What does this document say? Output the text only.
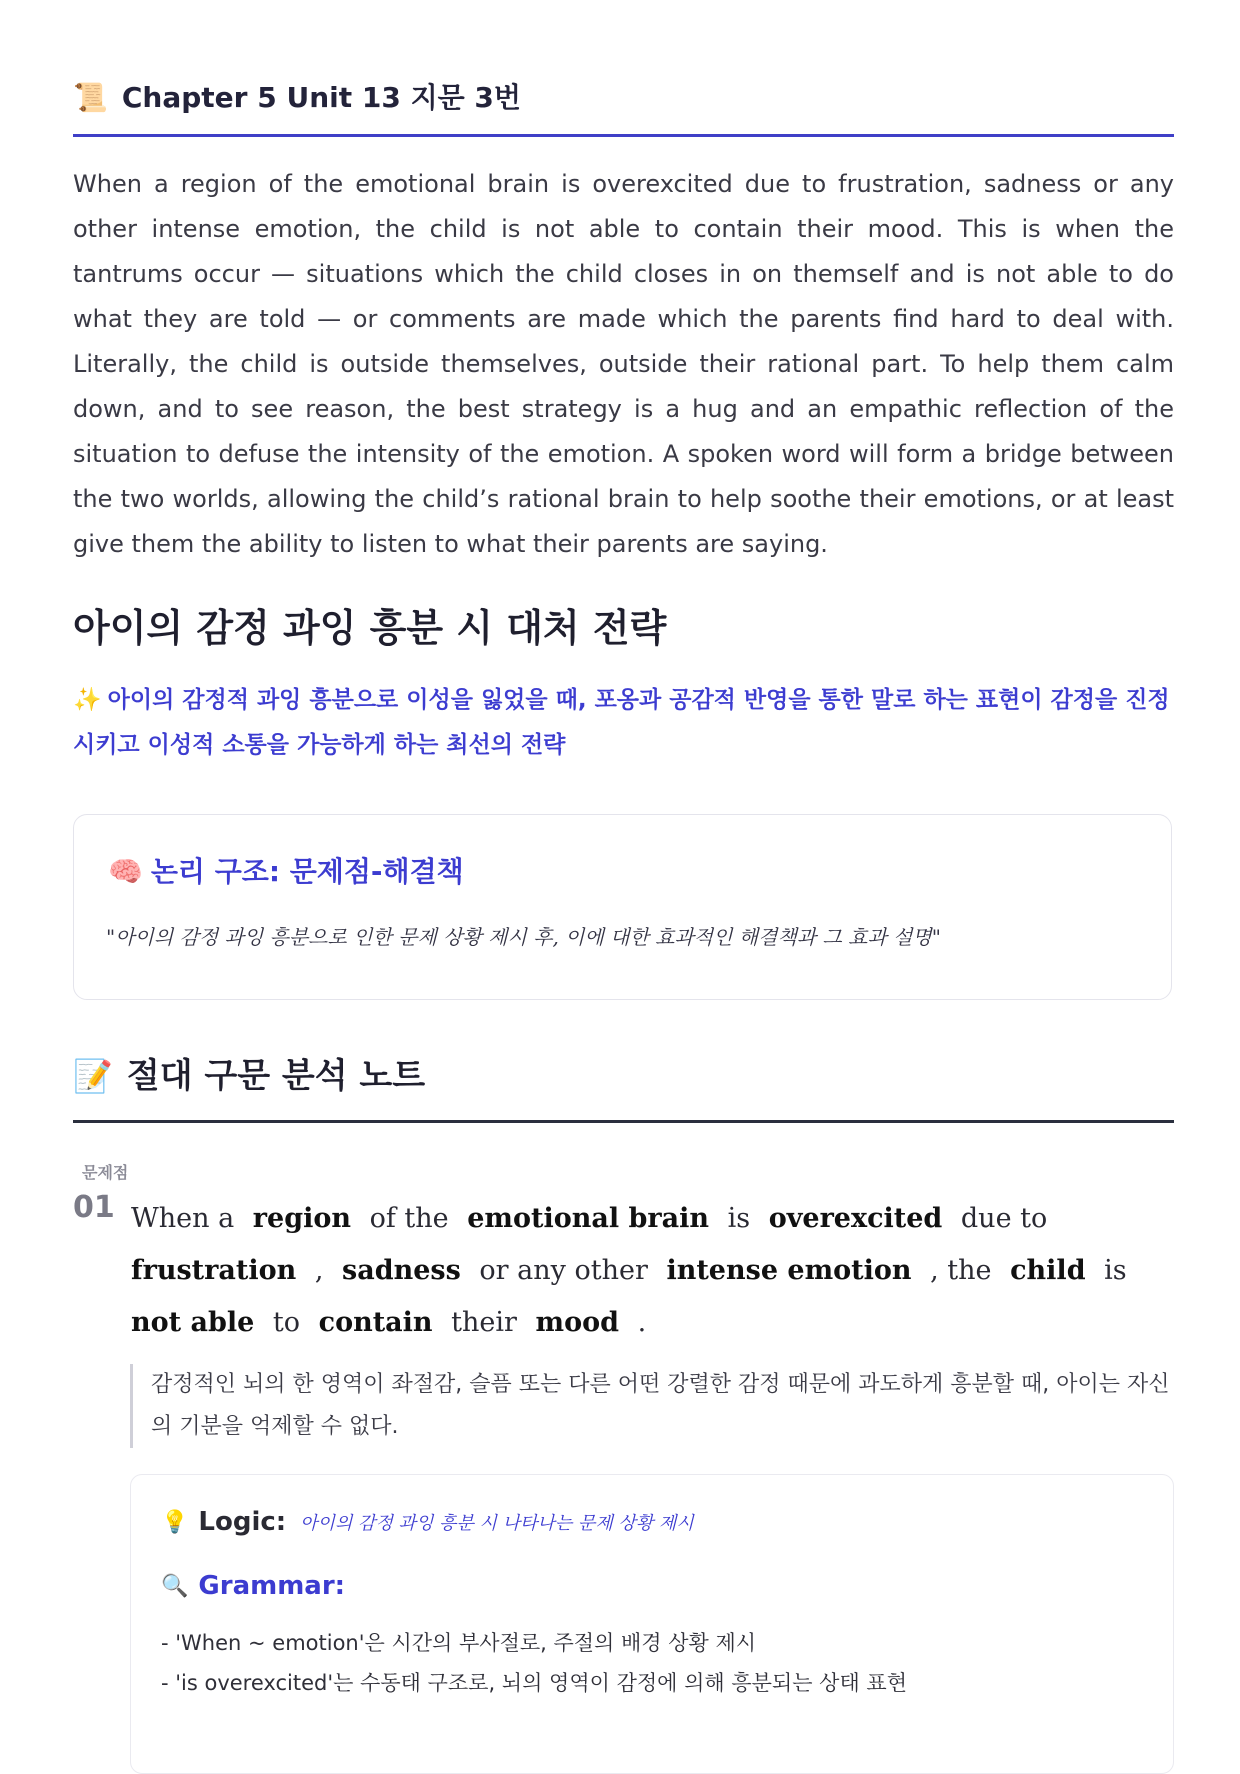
📜 Chapter 5 Unit 13 지문 3번

When a region of the emotional brain is overexcited due to frustration, sadness or any other intense emotion, the child is not able to contain their mood. This is when the tantrums occur — situations which the child closes in on themself and is not able to do what they are told — or comments are made which the parents find hard to deal with. Literally, the child is outside themselves, outside their rational part. To help them calm down, and to see reason, the best strategy is a hug and an empathic reflection of the situation to defuse the intensity of the emotion. A spoken word will form a bridge between the two worlds, allowing the child’s rational brain to help soothe their emotions, or at least give them the ability to listen to what their parents are saying.

아이의 감정 과잉 흥분 시 대처 전략

✨ 아이의 감정적 과잉 흥분으로 이성을 잃었을 때, 포옹과 공감적 반영을 통한 말로 하는 표현이 감정을 진정시키고 이성적 소통을 가능하게 하는 최선의 전략

🧠 논리 구조: 문제점-해결책

"아이의 감정 과잉 흥분으로 인한 문제 상황 제시 후, 이에 대한 효과적인 해결책과 그 효과 설명"

📝 절대 구문 분석 노트
문제점
01 When a region of the emotional brain is overexcited due to frustration , sadness or any other intense emotion , the child is not able to contain their mood .

감정적인 뇌의 한 영역이 좌절감, 슬픔 또는 다른 어떤 강렬한 감정 때문에 과도하게 흥분할 때, 아이는 자신의 기분을 억제할 수 없다.

💡 Logic: 아이의 감정 과잉 흥분 시 나타나는 문제 상황 제시
🔍 Grammar:
- 'When ~ emotion'은 시간의 부사절로, 주절의 배경 상황 제시
- 'is overexcited'는 수동태 구조로, 뇌의 영역이 감정에 의해 흥분되는 상태 표현
